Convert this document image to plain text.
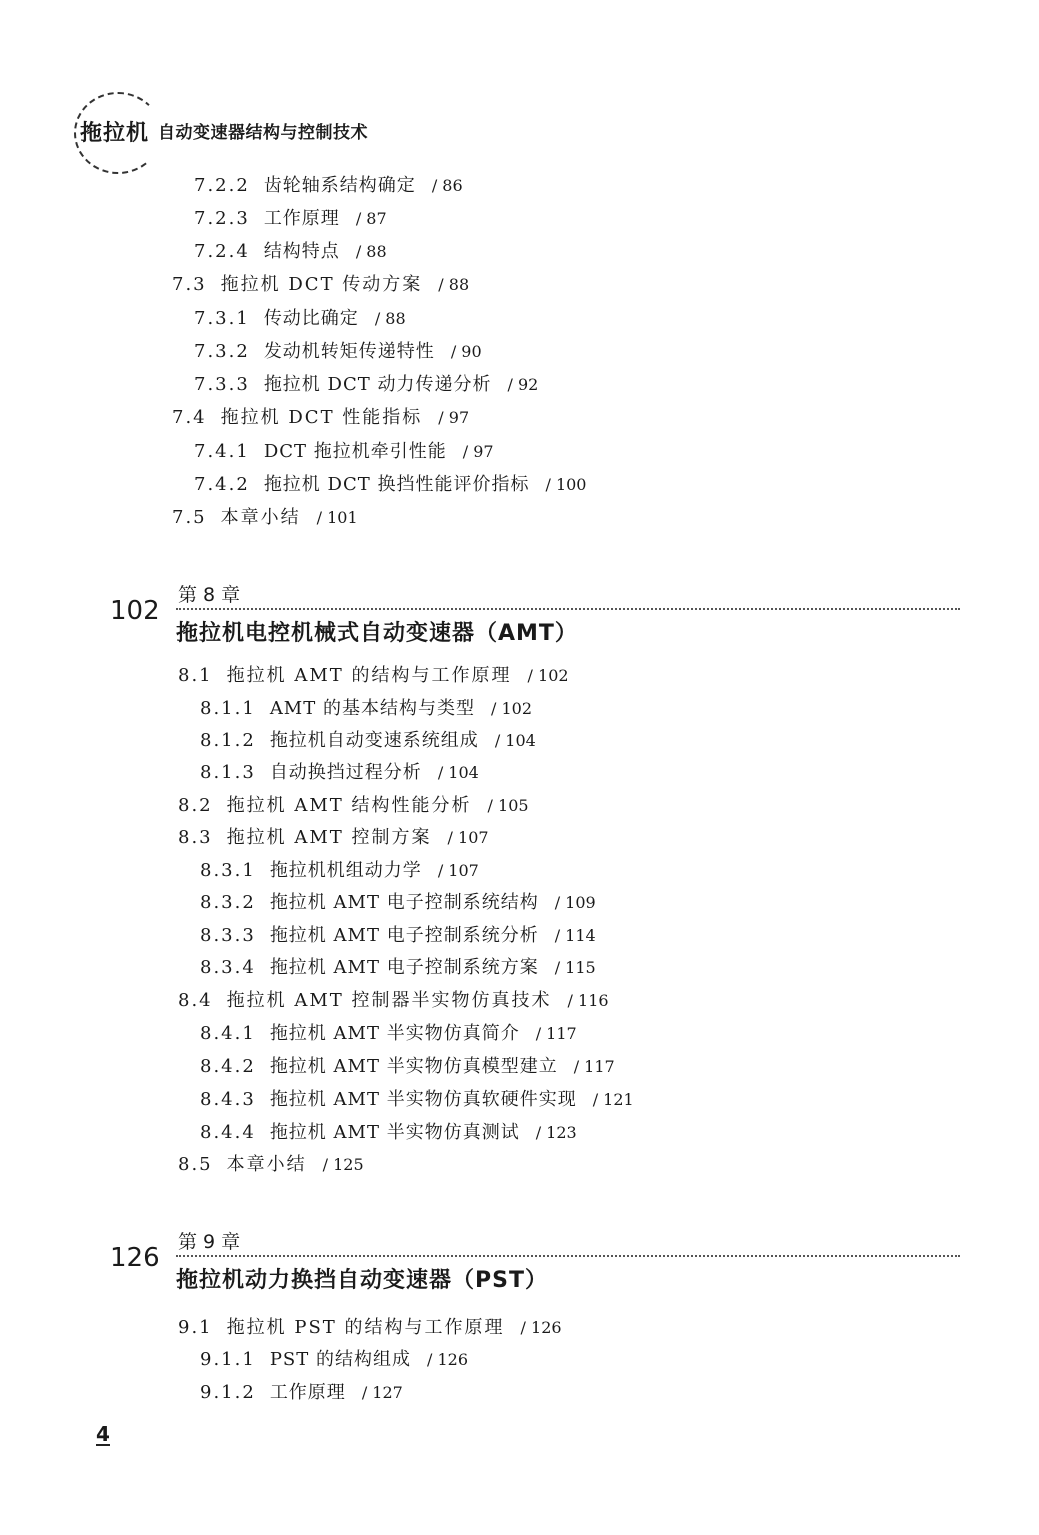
拖拉机 自动变速器结构与控制技术
7.2.2 齿轮轴系结构确定 / 86
7.2.3 工作原理 / 87
7.2.4 结构特点 / 88
7.3 拖拉机 DCT 传动方案 / 88
7.3.1 传动比确定 / 88
7.3.2 发动机转矩传递特性 / 90
7.3.3 拖拉机 DCT 动力传递分析 / 92
7.4 拖拉机 DCT 性能指标 / 97
7.4.1 DCT 拖拉机牵引性能 / 97
7.4.2 拖拉机 DCT 换挡性能评价指标 / 100
7.5 本章小结 / 101
102
第 8 章
拖拉机电控机械式自动变速器（AMT）
8.1 拖拉机 AMT 的结构与工作原理 / 102
8.1.1 AMT 的基本结构与类型 / 102
8.1.2 拖拉机自动变速系统组成 / 104
8.1.3 自动换挡过程分析 / 104
8.2 拖拉机 AMT 结构性能分析 / 105
8.3 拖拉机 AMT 控制方案 / 107
8.3.1 拖拉机机组动力学 / 107
8.3.2 拖拉机 AMT 电子控制系统结构 / 109
8.3.3 拖拉机 AMT 电子控制系统分析 / 114
8.3.4 拖拉机 AMT 电子控制系统方案 / 115
8.4 拖拉机 AMT 控制器半实物仿真技术 / 116
8.4.1 拖拉机 AMT 半实物仿真简介 / 117
8.4.2 拖拉机 AMT 半实物仿真模型建立 / 117
8.4.3 拖拉机 AMT 半实物仿真软硬件实现 / 121
8.4.4 拖拉机 AMT 半实物仿真测试 / 123
8.5 本章小结 / 125
126
第 9 章
拖拉机动力换挡自动变速器（PST）
9.1 拖拉机 PST 的结构与工作原理 / 126
9.1.1 PST 的结构组成 / 126
9.1.2 工作原理 / 127
4
